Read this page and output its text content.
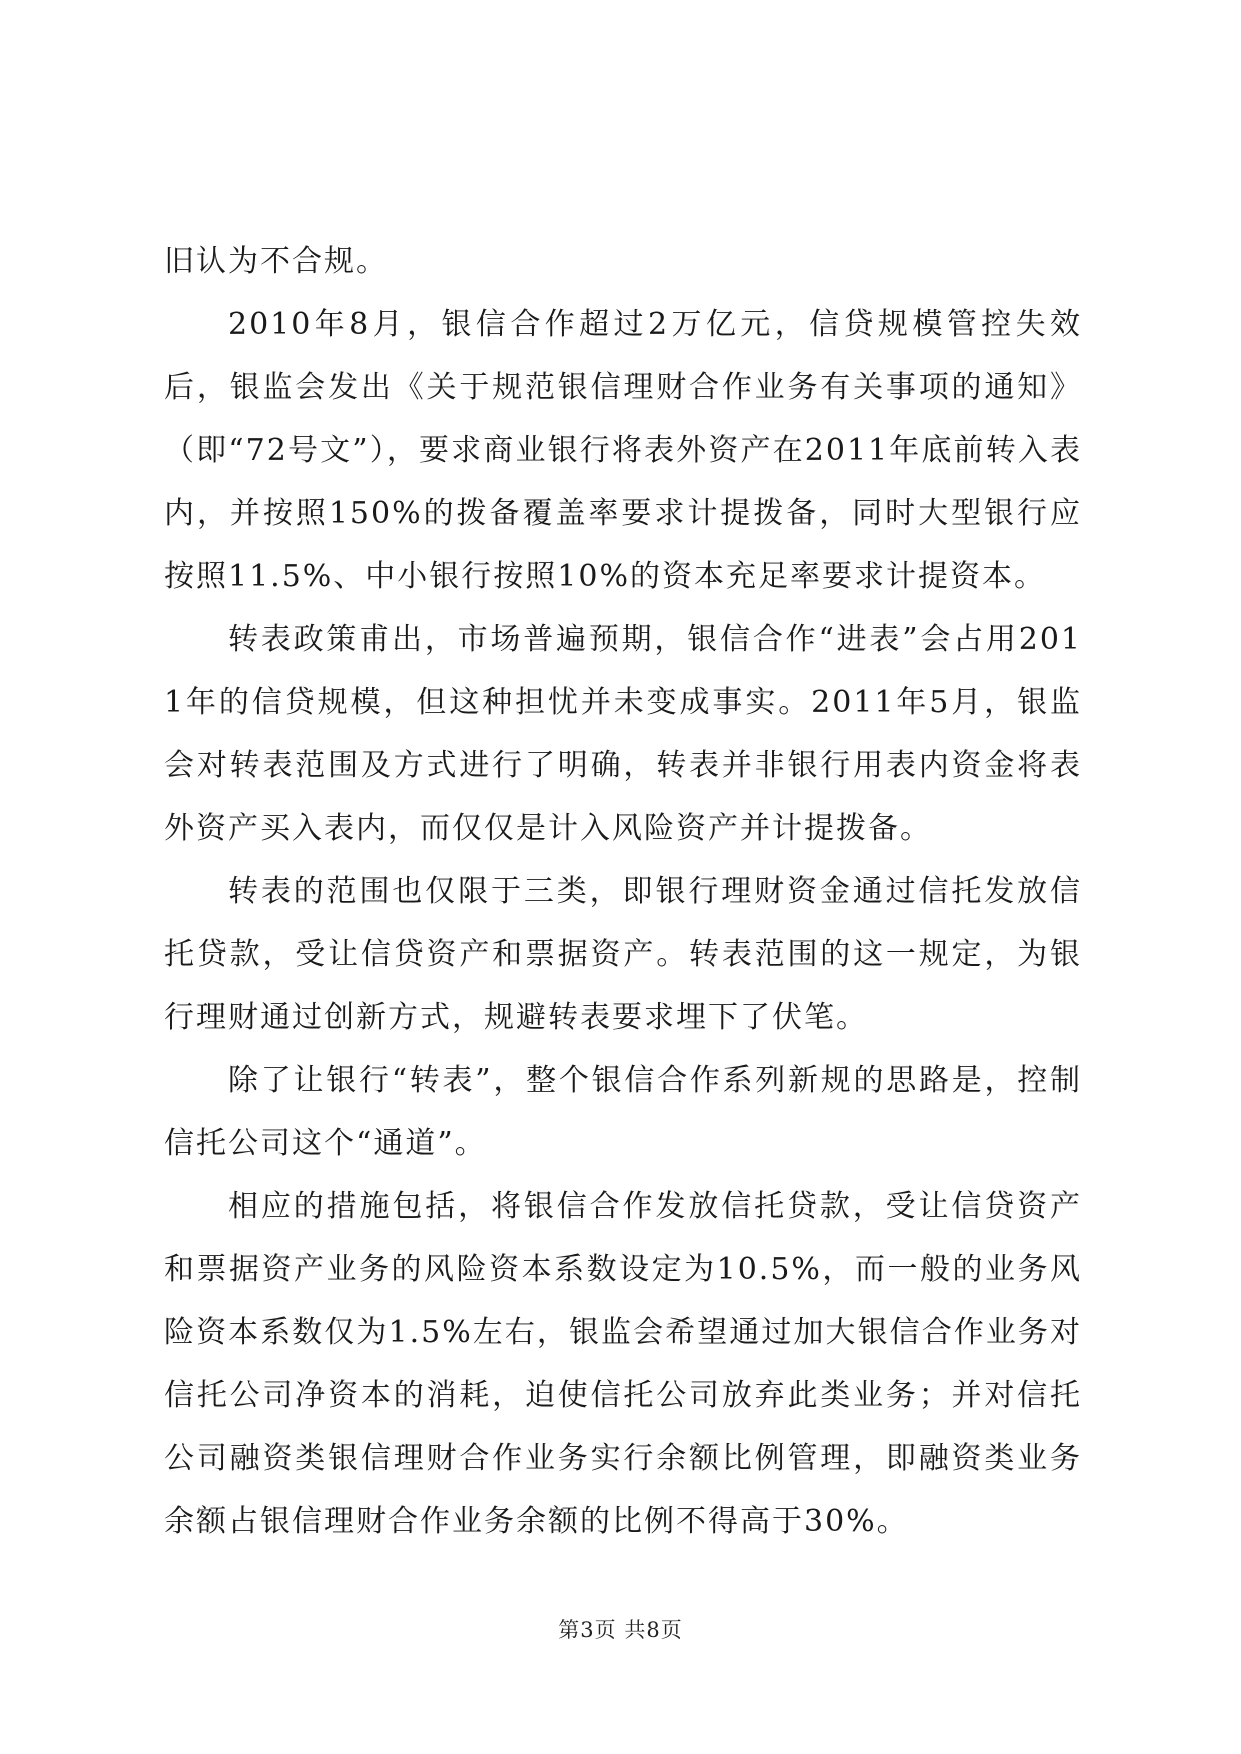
旧认为不合规。

2010年8月，银信合作超过2万亿元，信贷规模管控失效后，银监会发出《关于规范银信理财合作业务有关事项的通知》（即“72号文”），要求商业银行将表外资产在2011年底前转入表内，并按照150%的拨备覆盖率要求计提拨备，同时大型银行应按照11.5%、中小银行按照10%的资本充足率要求计提资本。

转表政策甫出，市场普遍预期，银信合作“进表”会占用2011年的信贷规模，但这种担忧并未变成事实。2011年5月，银监会对转表范围及方式进行了明确，转表并非银行用表内资金将表外资产买入表内，而仅仅是计入风险资产并计提拨备。

转表的范围也仅限于三类，即银行理财资金通过信托发放信托贷款，受让信贷资产和票据资产。转表范围的这一规定，为银行理财通过创新方式，规避转表要求埋下了伏笔。

除了让银行“转表”，整个银信合作系列新规的思路是，控制信托公司这个“通道”。

相应的措施包括，将银信合作发放信托贷款，受让信贷资产和票据资产业务的风险资本系数设定为10.5%，而一般的业务风险资本系数仅为1.5%左右，银监会希望通过加大银信合作业务对信托公司净资本的消耗，迫使信托公司放弃此类业务；并对信托公司融资类银信理财合作业务实行余额比例管理，即融资类业务余额占银信理财合作业务余额的比例不得高于30%。

第3页 共8页
